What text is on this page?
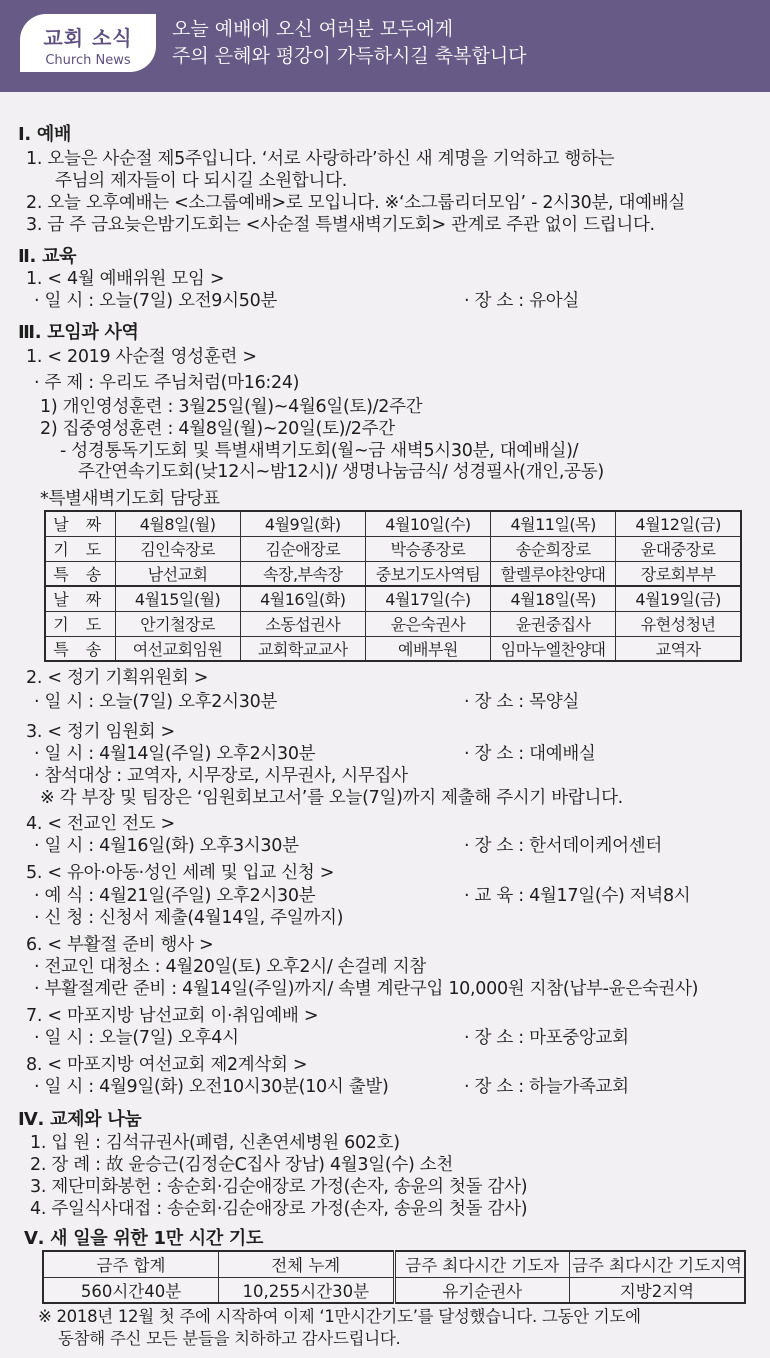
교회 소식
Church News
오늘 예배에 오신 여러분 모두에게
주의 은혜와 평강이 가득하시길 축복합니다
Ⅰ. 예배
1. 오늘은 사순절 제5주입니다. ‘서로 사랑하라’하신 새 계명을 기억하고 행하는
주님의 제자들이 다 되시길 소원합니다.
2. 오늘 오후예배는 <소그룹예배>로 모입니다. ※‘소그룹리더모임’ - 2시30분, 대예배실
3. 금 주 금요늦은밤기도회는 <사순절 특별새벽기도회> 관계로 주관 없이 드립니다.
Ⅱ. 교육
1. < 4월 예배위원 모임 >
· 일 시 : 오늘(7일) 오전9시50분	· 장 소 : 유아실
Ⅲ. 모임과 사역
1. < 2019 사순절 영성훈련 >
· 주 제 : 우리도 주님처럼(마16:24)
1) 개인영성훈련 : 3월25일(월)~4월6일(토)/2주간
2) 집중영성훈련 : 4월8일(월)~20일(토)/2주간
- 성경통독기도회 및 특별새벽기도회(월~금 새벽5시30분, 대예배실)/
주간연속기도회(낮12시~밤12시)/ 생명나눔금식/ 성경필사(개인,공동)
*특별새벽기도회 담당표
날 짜	4월8일(월)	4월9일(화)	4월10일(수)	4월11일(목)	4월12일(금)
기 도	김인숙장로	김순애장로	박승종장로	송순희장로	윤대중장로
특 송	남선교회	속장,부속장	중보기도사역팀	할렐루야찬양대	장로회부부
날 짜	4월15일(월)	4월16일(화)	4월17일(수)	4월18일(목)	4월19일(금)
기 도	안기철장로	소동섭권사	윤은숙권사	윤권중집사	유현성청년
특 송	여선교회임원	교회학교교사	예배부원	임마누엘찬양대	교역자
2. < 정기 기획위원회 >
· 일 시 : 오늘(7일) 오후2시30분	· 장 소 : 목양실
3. < 정기 임원회 >
· 일 시 : 4월14일(주일) 오후2시30분	· 장 소 : 대예배실
· 참석대상 : 교역자, 시무장로, 시무권사, 시무집사
※ 각 부장 및 팀장은 ‘임원회보고서’를 오늘(7일)까지 제출해 주시기 바랍니다.
4. < 전교인 전도 >
· 일 시 : 4월16일(화) 오후3시30분	· 장 소 : 한서데이케어센터
5. < 유아·아동·성인 세례 및 입교 신청 >
· 예 식 : 4월21일(주일) 오후2시30분	· 교 육 : 4월17일(수) 저녁8시
· 신 청 : 신청서 제출(4월14일, 주일까지)
6. < 부활절 준비 행사 >
· 전교인 대청소 : 4월20일(토) 오후2시/ 손걸레 지참
· 부활절계란 준비 : 4월14일(주일)까지/ 속별 계란구입 10,000원 지참(납부-윤은숙권사)
7. < 마포지방 남선교회 이·취임예배 >
· 일 시 : 오늘(7일) 오후4시	· 장 소 : 마포중앙교회
8. < 마포지방 여선교회 제2계삭회 >
· 일 시 : 4월9일(화) 오전10시30분(10시 출발)	· 장 소 : 하늘가족교회
Ⅳ. 교제와 나눔
1. 입 원 : 김석규권사(폐렴, 신촌연세병원 602호)
2. 장 례 : 故 윤승근(김정순C집사 장남) 4월3일(수) 소천
3. 제단미화봉헌 : 송순회·김순애장로 가정(손자, 송윤의 첫돌 감사)
4. 주일식사대접 : 송순회·김순애장로 가정(손자, 송윤의 첫돌 감사)
Ⅴ. 새 일을 위한 1만 시간 기도
금주 합계	전체 누계	금주 최다시간 기도자	금주 최다시간 기도지역
560시간40분	10,255시간30분	유기순권사	지방2지역
※ 2018년 12월 첫 주에 시작하여 이제 ‘1만시간기도’를 달성했습니다. 그동안 기도에
동참해 주신 모든 분들을 치하하고 감사드립니다.
